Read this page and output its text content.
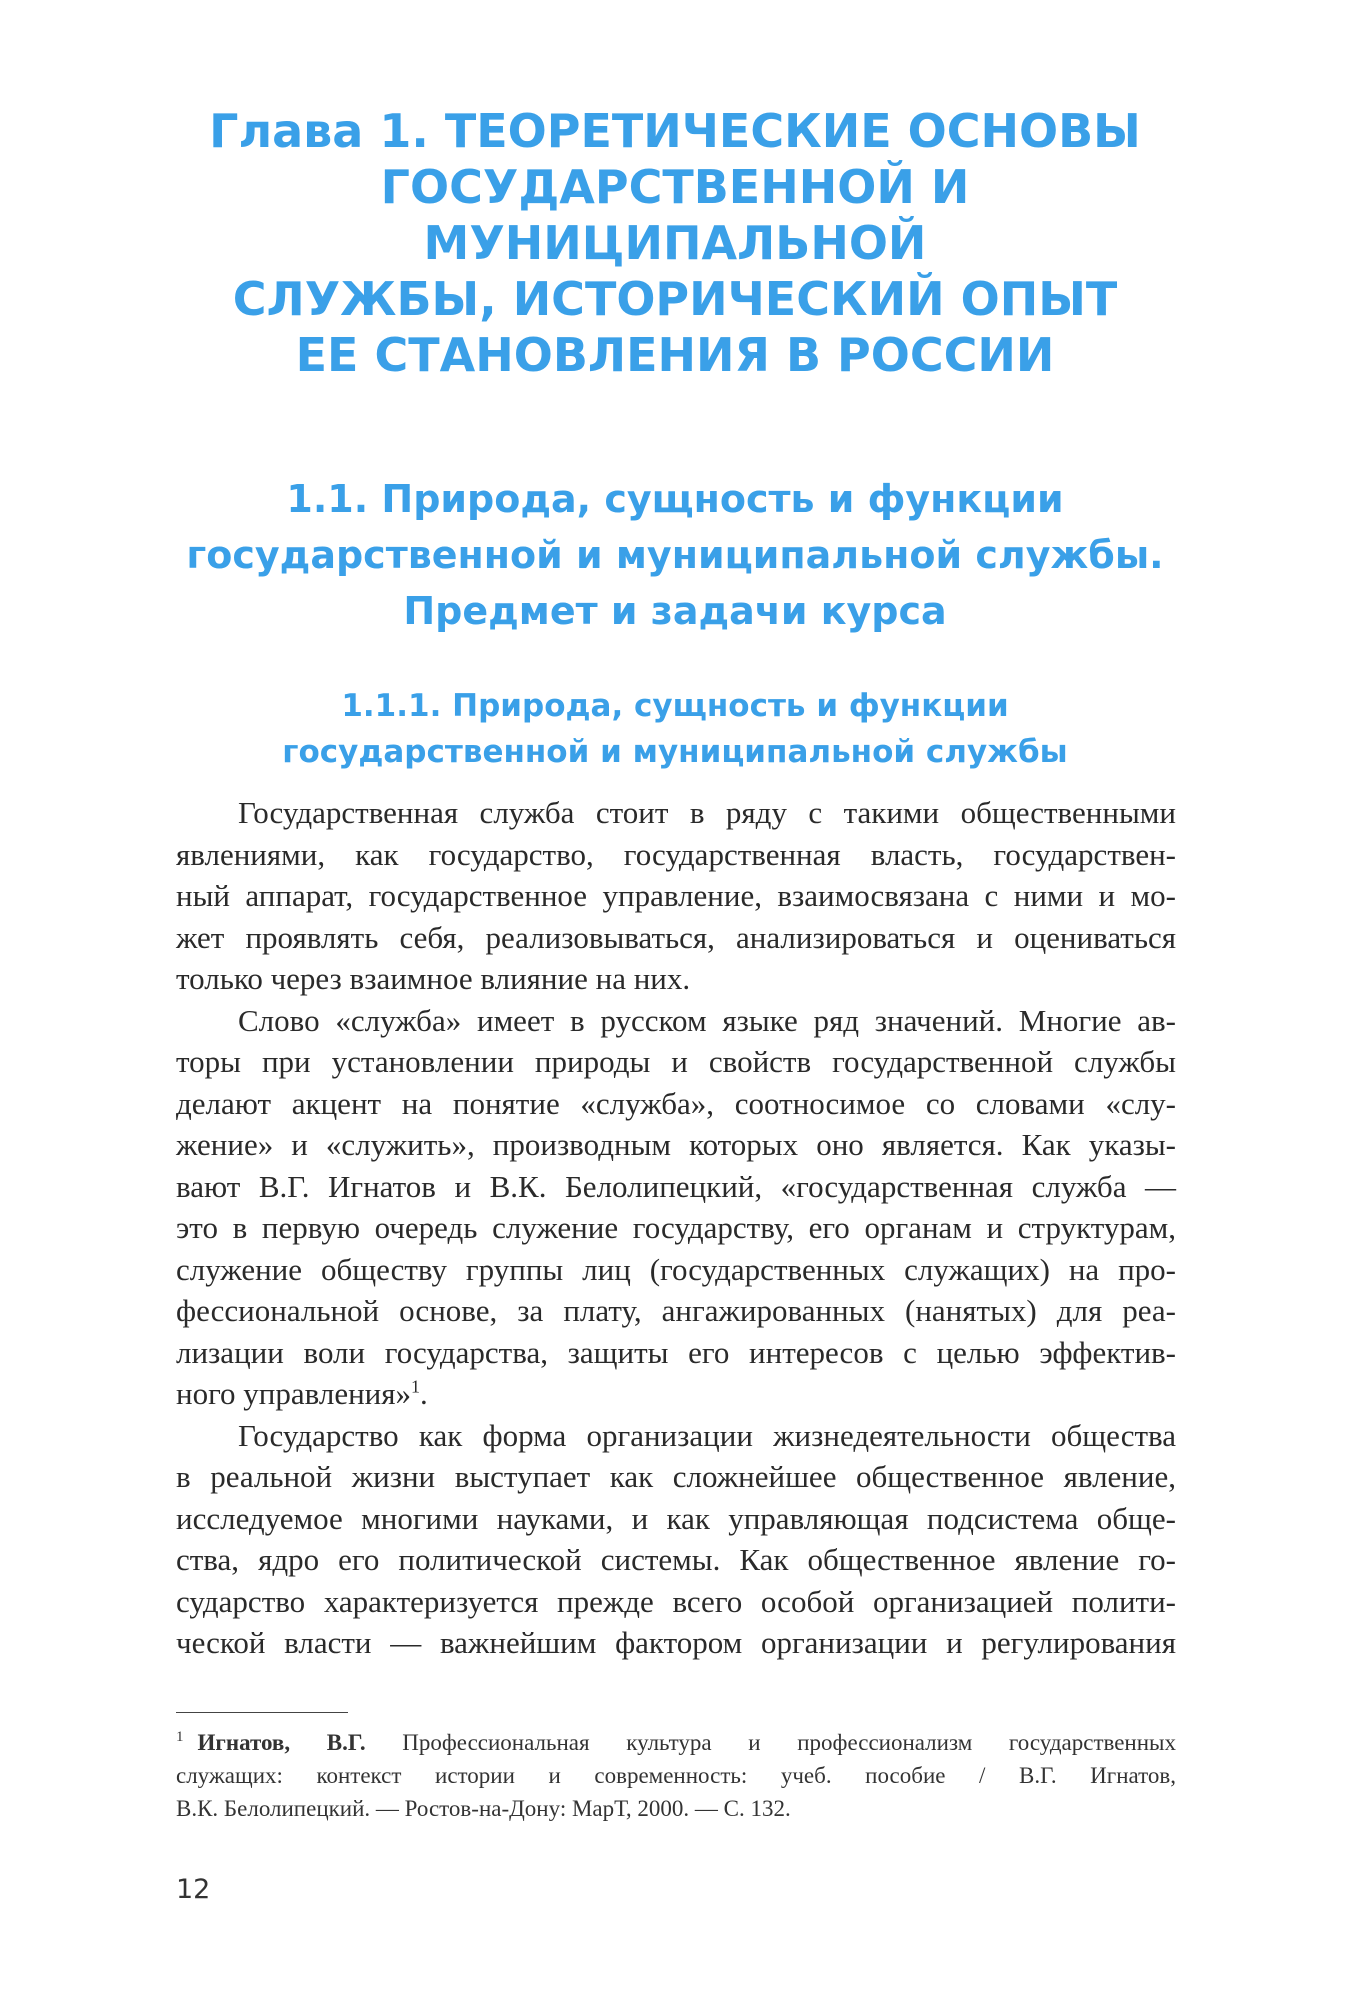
Глава 1. ТЕОРЕТИЧЕСКИЕ ОСНОВЫ
ГОСУДАРСТВЕННОЙ И МУНИЦИПАЛЬНОЙ
СЛУЖБЫ, ИСТОРИЧЕСКИЙ ОПЫТ
ЕЕ СТАНОВЛЕНИЯ В РОССИИ
1.1. Природа, сущность и функции
государственной и муниципальной службы.
Предмет и задачи курса
1.1.1. Природа, сущность и функции
государственной и муниципальной службы
Государственная служба стоит в ряду с такими общественными
явлениями, как государство, государственная власть, государствен-
ный аппарат, государственное управление, взаимосвязана с ними и мо-
жет проявлять себя, реализовываться, анализироваться и оцениваться
только через взаимное влияние на них.
Слово «служба» имеет в русском языке ряд значений. Многие ав-
торы при установлении природы и свойств государственной службы
делают акцент на понятие «служба», соотносимое со словами «слу-
жение» и «служить», производным которых оно является. Как указы-
вают В.Г. Игнатов и В.К. Белолипецкий, «государственная служба —
это в первую очередь служение государству, его органам и структурам,
служение обществу группы лиц (государственных служащих) на про-
фессиональной основе, за плату, ангажированных (нанятых) для реа-
лизации воли государства, защиты его интересов с целью эффектив-
ного управления»$^1$.
Государство как форма организации жизнедеятельности общества
в реальной жизни выступает как сложнейшее общественное явление,
исследуемое многими науками, и как управляющая подсистема обще-
ства, ядро его политической системы. Как общественное явление го-
сударство характеризуется прежде всего особой организацией полити-
ческой власти — важнейшим фактором организации и регулирования
$^1$ Игнатов, В.Г. Профессиональная культура и профессионализм государственных
служащих: контекст истории и современность: учеб. пособие / В.Г. Игнатов,
В.К. Белолипецкий. — Ростов-на-Дону: МарТ, 2000. — С. 132.
12
